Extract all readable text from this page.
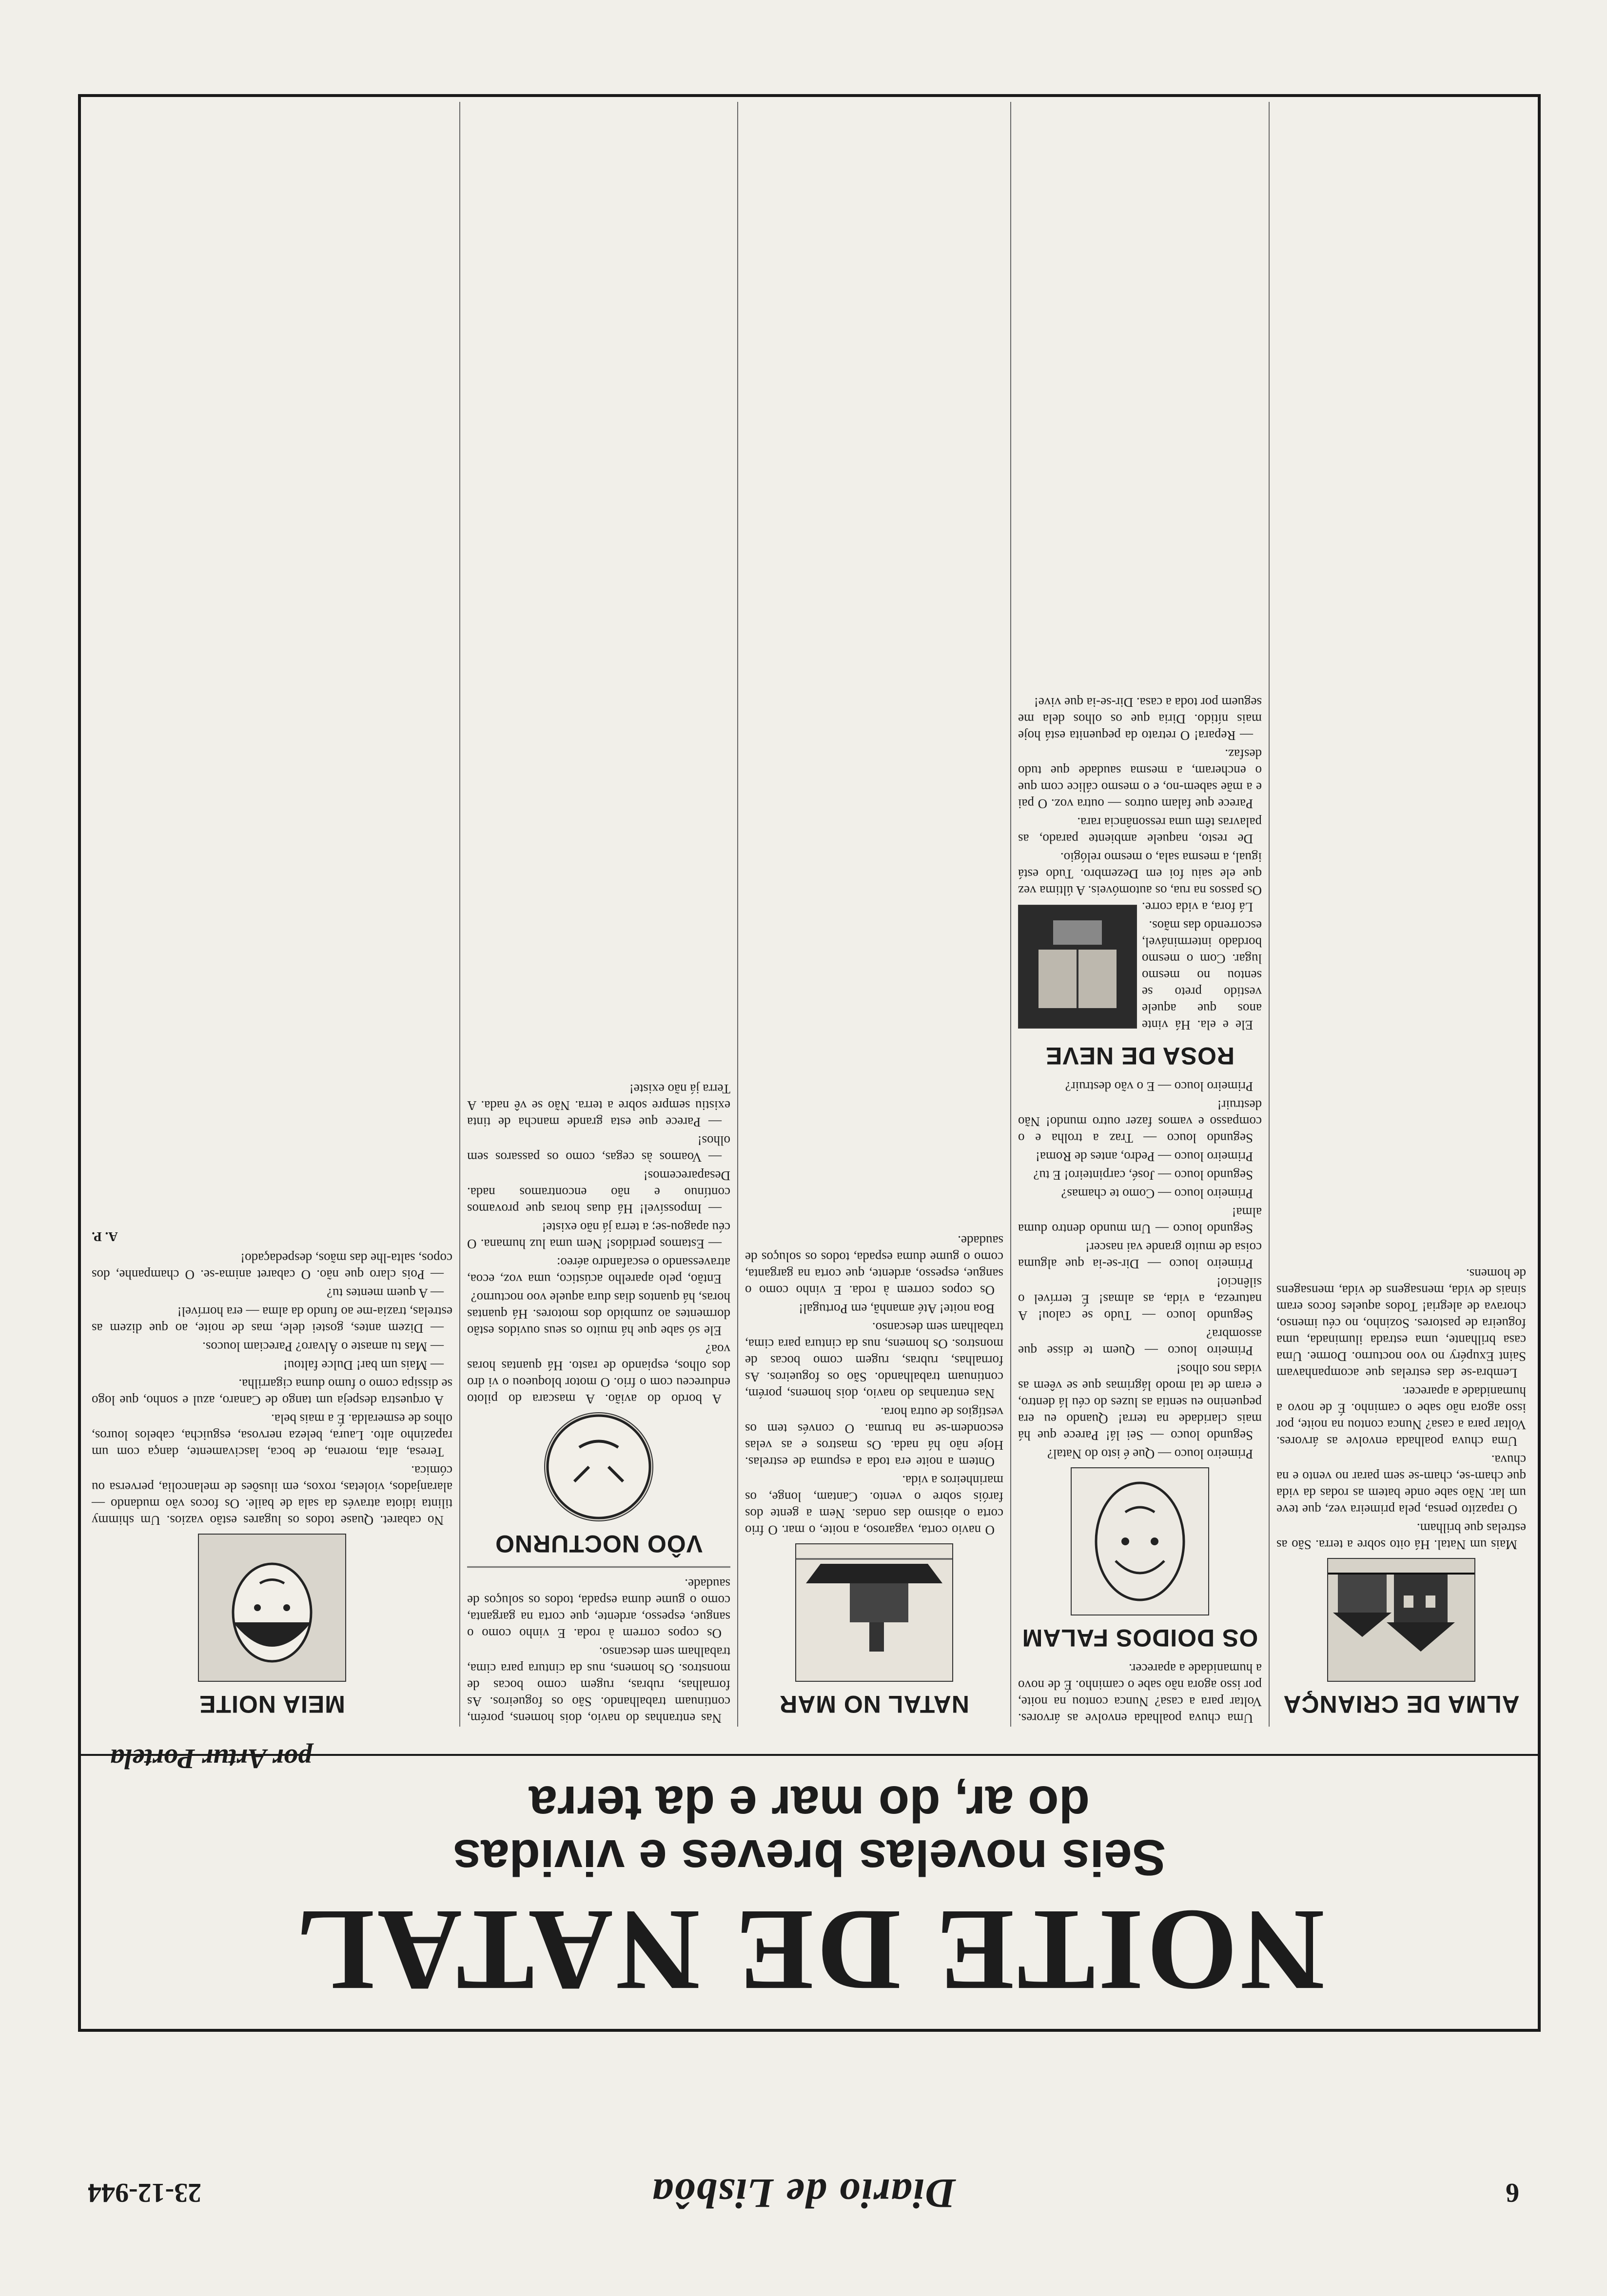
6
Diario de Lisbôa
23-12-944
NOITE DE NATAL
Seis novelas breves e vividas
do ar, do mar e da terra
por Artur Portela
ALMA DE CRIANÇA

Mais um Natal. Há oito sobre a terra. São as estrelas que brilham.

O rapazito pensa, pela primeira vez, que teve um lar. Não sabe onde batem as rodas da vida que cham-se, cham-se sem parar no vento e na chuva.

Uma chuva poalhada envolve as árvores. Voltar para a casa? Nunca contou na noite, por isso agora não sabe o caminho. É de novo a humanidade a aparecer.

Lembra-se das estrelas que acompanhavam Saint Exupéry no voo nocturno. Dorme. Uma casa brilhante, uma estrada iluminada, uma fogueira de pastores. Sozinho, no céu imenso, chorava de alegria! Todos aqueles focos eram sinais de vida, mensagens de vida, mensagens de homens.

Uma chuva poalhada envolve as árvores. Voltar para a casa? Nunca contou na noite, por isso agora não sabe o caminho. É de novo a humanidade a aparecer.

OS DOIDOS FALAM

Primeiro louco — Que é isto do Natal?

Segundo louco — Sei lá! Parece que há mais claridade na terra! Quando eu era pequenino eu sentia as luzes do céu lá dentro, e eram de tal modo lágrimas que se vêem as vidas nos olhos!

Primeiro louco — Quem te disse que assombra?

Segundo louco — Tudo se calou! A natureza, a vida, as almas! É terrível o silêncio!

Primeiro louco — Dir-se-ia que alguma coisa de muito grande vai nascer!

Segundo louco — Um mundo dentro duma alma!

Primeiro louco — Como te chamas?

Segundo louco — José, carpinteiro! E tu?

Primeiro louco — Pedro, antes de Roma!

Segundo louco — Traz a trolha e o compasso e vamos fazer outro mundo! Não destruir!

Primeiro louco — E o vão destruir?

ROSA DE NEVE

Ele e ela. Há vinte anos que aquele vestido preto se sentou no mesmo lugar. Com o mesmo bordado interminável, escorrendo das mãos.

Lá fora, a vida corre. Os passos na rua, os automóveis. A última vez que ele saiu foi em Dezembro. Tudo está igual, a mesma sala, o mesmo relógio.

De resto, naquele ambiente parado, as palavras têm uma ressonância rara.

Parece que falam outros — outra voz. O pai e a mãe sabem-no, e o mesmo cálice com que o encheram, a mesma saudade que tudo desfaz.

— Repara! O retrato da pequenita está hoje mais nítido. Diria que os olhos dela me seguem por toda a casa. Dir-se-ia que vive!

NATAL NO MAR

O navio corta, vagaroso, a noite, o mar. O frio corta o abismo das ondas. Nem a gente dos faróis sobre o vento. Cantam, longe, os marinheiros a vida.

Ontem a noite era toda a espuma de estrelas. Hoje não há nada. Os mastros e as velas escondem-se na bruma. O convés tem os vestígios de outra hora.

Nas entranhas do navio, dois homens, porém, continuam trabalhando. São os fogueiros. As fornalhas, rubras, rugem como bocas de monstros. Os homens, nus da cintura para cima, trabalham sem descanso.

Boa noite! Até amanhã, em Portugal!

Os copos correm à roda. E vinho como o sangue, espesso, ardente, que corta na garganta, como o gume duma espada, todos os soluços de saudade.

Nas entranhas do navio, dois homens, porém, continuam trabalhando. São os fogueiros. As fornalhas, rubras, rugem como bocas de monstros. Os homens, nus da cintura para cima, trabalham sem descanso.

Os copos correm à roda. E vinho como o sangue, espesso, ardente, que corta na garganta, como o gume duma espada, todos os soluços de saudade.

VÔO NOCTURNO

A bordo do avião. A mascara do piloto endureceu com o frio. O motor bloqueou o vi dro dos olhos, espiando de rasto. Há quantas horas voa?

Ele só sabe que há muito os seus ouvidos estão dormentes ao zumbido dos motores. Há quantas horas, há quantos dias dura aquele voo nocturno?

Então, pelo aparelho acústico, uma voz, ecoa, atravessando o escafandro aéreo:

— Estamos perdidos! Nem uma luz humana. O céu apagou-se; a terra já não existe!

— Impossível! Há duas horas que provamos contínuo e não encontramos nada. Desaparecemos!

— Voamos às cegas, como os passaros sem olhos!

— Parece que esta grande mancha de tinta existiu sempre sobre a terra. Não se vê nada. A Terra já não existe!

MEIA NOITE

No cabaret. Quase todos os lugares estão vazios. Um shimmy tilinta idiota através da sala de baile. Os focos vão mudando — alaranjados, violetas, roxos, em ilusões de melancolia, perversa ou cómica.

Teresa, alta, morena, de boca, lascivamente, dança com um rapazinho alto. Laura, beleza nervosa, esguicha, cabelos louros, olhos de esmeralda. É a mais bela.

A orquestra despeja um tango de Canaro, azul e sonho, que logo se dissipa como o fumo duma cigarrilha.

— Mais um bar! Dulce faltou!

— Mas tu amaste o Álvaro? Pareciam loucos.

— Dizem antes, gostei dele, mas de noite, ao que dizem as estrelas, trazia-me ao fundo da alma — era horrível!

— A quem mentes tu?

— Pois claro que não. O cabaret anima-se. O champanhe, dos copos, salta-lhe das mãos, despedaçado!

A. P.
